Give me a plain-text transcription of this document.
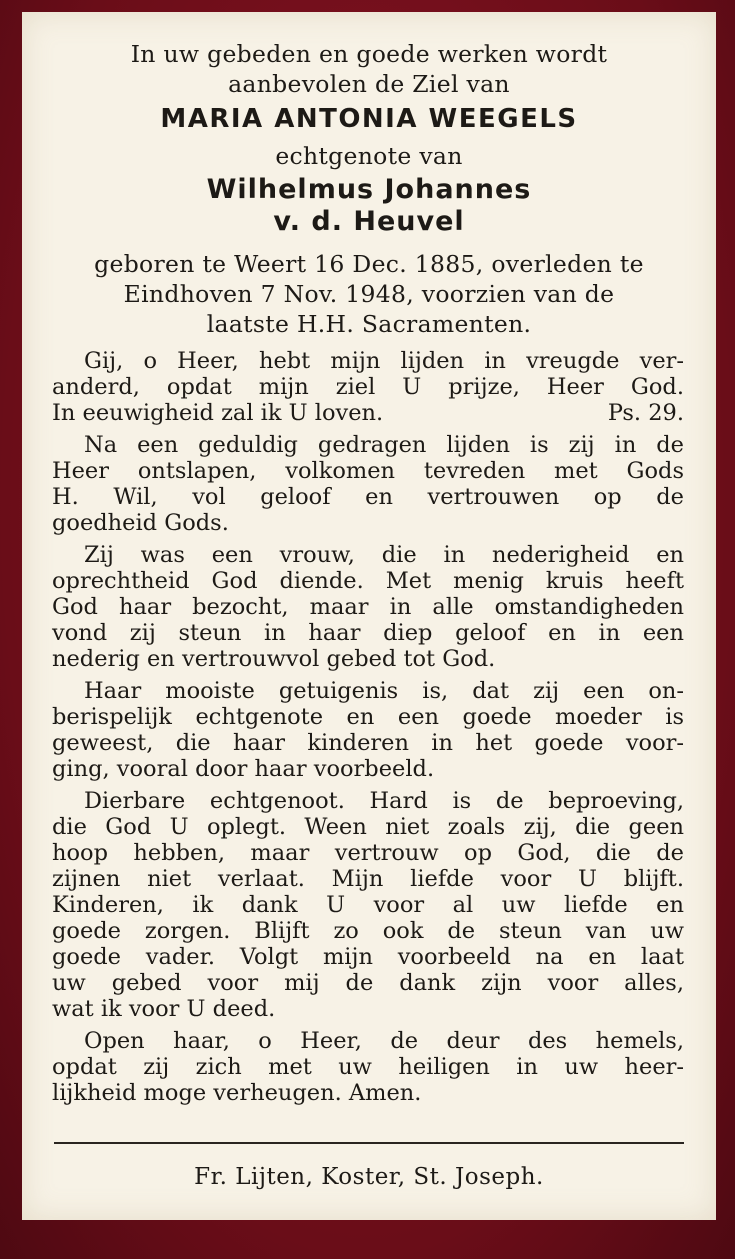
In uw gebeden en goede werken wordt

aanbevolen de Ziel van

MARIA ANTONIA WEEGELS

echtgenote van

Wilhelmus Johannes

v. d. Heuvel

geboren te Weert 16 Dec. 1885, overleden te

Eindhoven 7 Nov. 1948, voorzien van de

laatste H.H. Sacramenten.

Gij, o Heer, hebt mijn lijden in vreugde ver-

anderd, opdat mijn ziel U prijze, Heer God.

In eeuwigheid zal ik U loven.	Ps. 29.

Na een geduldig gedragen lijden is zij in de

Heer ontslapen, volkomen tevreden met Gods

H. Wil, vol geloof en vertrouwen op de

goedheid Gods.

Zij was een vrouw, die in nederigheid en

oprechtheid God diende. Met menig kruis heeft

God haar bezocht, maar in alle omstandigheden

vond zij steun in haar diep geloof en in een

nederig en vertrouwvol gebed tot God.

Haar mooiste getuigenis is, dat zij een on-

berispelijk echtgenote en een goede moeder is

geweest, die haar kinderen in het goede voor-

ging, vooral door haar voorbeeld.

Dierbare echtgenoot. Hard is de beproeving,

die God U oplegt. Ween niet zoals zij, die geen

hoop hebben, maar vertrouw op God, die de

zijnen niet verlaat. Mijn liefde voor U blijft.

Kinderen, ik dank U voor al uw liefde en

goede zorgen. Blijft zo ook de steun van uw

goede vader. Volgt mijn voorbeeld na en laat

uw gebed voor mij de dank zijn voor alles,

wat ik voor U deed.

Open haar, o Heer, de deur des hemels,

opdat zij zich met uw heiligen in uw heer-

lijkheid moge verheugen. Amen.

Fr. Lijten, Koster, St. Joseph.
